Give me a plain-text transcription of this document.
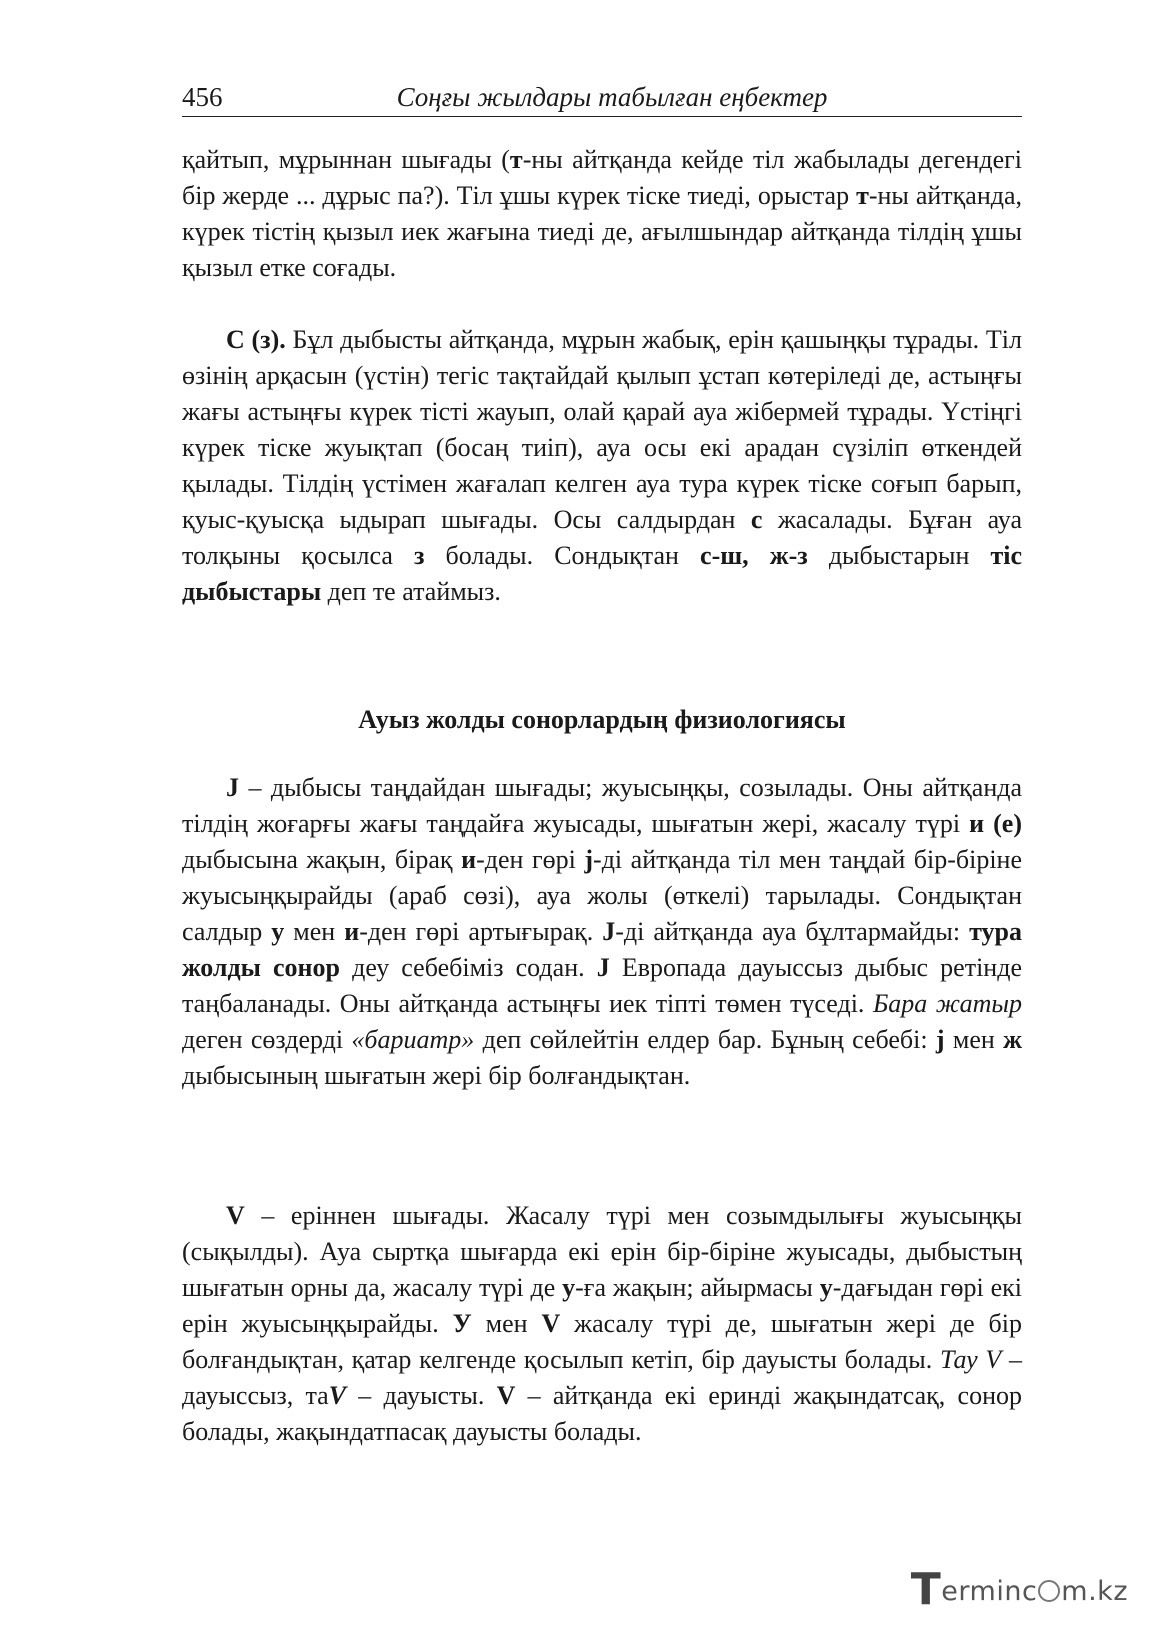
456	Соңғы жылдары табылған еңбектер

қайтып, мұрыннан шығады (т-ны айтқанда кейде тіл жабылады дегендегі бір жерде ... дұрыс па?). Тіл ұшы күрек тіске тиеді, орыстар т-ны айтқанда, күрек тістің қызыл иек жағына тиеді де, ағылшындар айтқанда тілдің ұшы қызыл етке соғады.

С (з). Бұл дыбысты айтқанда, мұрын жабық, ерін қашыңқы тұрады. Тіл өзінің арқасын (үстін) тегіс тақтайдай қылып ұстап көтеріледі де, астыңғы жағы астыңғы күрек тісті жауып, олай қарай ауа жібермей тұрады. Үстіңгі күрек тіске жуықтап (босаң тиіп), ауа осы екі арадан сүзіліп өткендей қылады. Тілдің үстімен жағалап келген ауа тура күрек тіске соғып барып, қуыс-қуысқа ыдырап шығады. Осы салдырдан с жасалады. Бұған ауа толқыны қосылса з болады. Сондықтан с-ш, ж-з дыбыстарын тіс дыбыстары деп те атаймыз.

Ауыз жолды сонорлардың физиологиясы

J – дыбысы таңдайдан шығады; жуысыңқы, созылады. Оны айтқанда тілдің жоғарғы жағы таңдайға жуысады, шығатын жері, жасалу түрі и (е) дыбысына жақын, бірақ и-ден гөрі j-ді айтқанда тіл мен таңдай бір-біріне жуысыңқырайды (араб сөзі), ауа жолы (өткелі) тарылады. Сондықтан салдыр у мен и-ден гөрі артығырақ. J-ді айтқанда ауа бұлтармайды: тура жолды сонор деу себебіміз содан. J Европада дауыссыз дыбыс ретінде таңбаланады. Оны айтқанда астыңғы иек тіпті төмен түседі. Бара жатыр деген сөздерді «бариатр» деп сөйлейтін елдер бар. Бұның себебі: j мен ж дыбысының шығатын жері бір болғандықтан.

V – еріннен шығады. Жасалу түрі мен созымдылығы жуысыңқы (сықылды). Ауа сыртқа шығарда екі ерін бір-біріне жуысады, дыбыстың шығатын орны да, жасалу түрі де у-ға жақын; айырмасы у-дағыдан гөрі екі ерін жуысыңқырайды. У мен V жасалу түрі де, шығатын жері де бір болғандықтан, қатар келгенде қосылып кетіп, бір дауысты болады. Тау V – дауыссыз, таV – дауысты. V – айтқанда екі еринді жақындатсақ, сонор болады, жақындатпасақ дауысты болады.

Terminc m.kz
